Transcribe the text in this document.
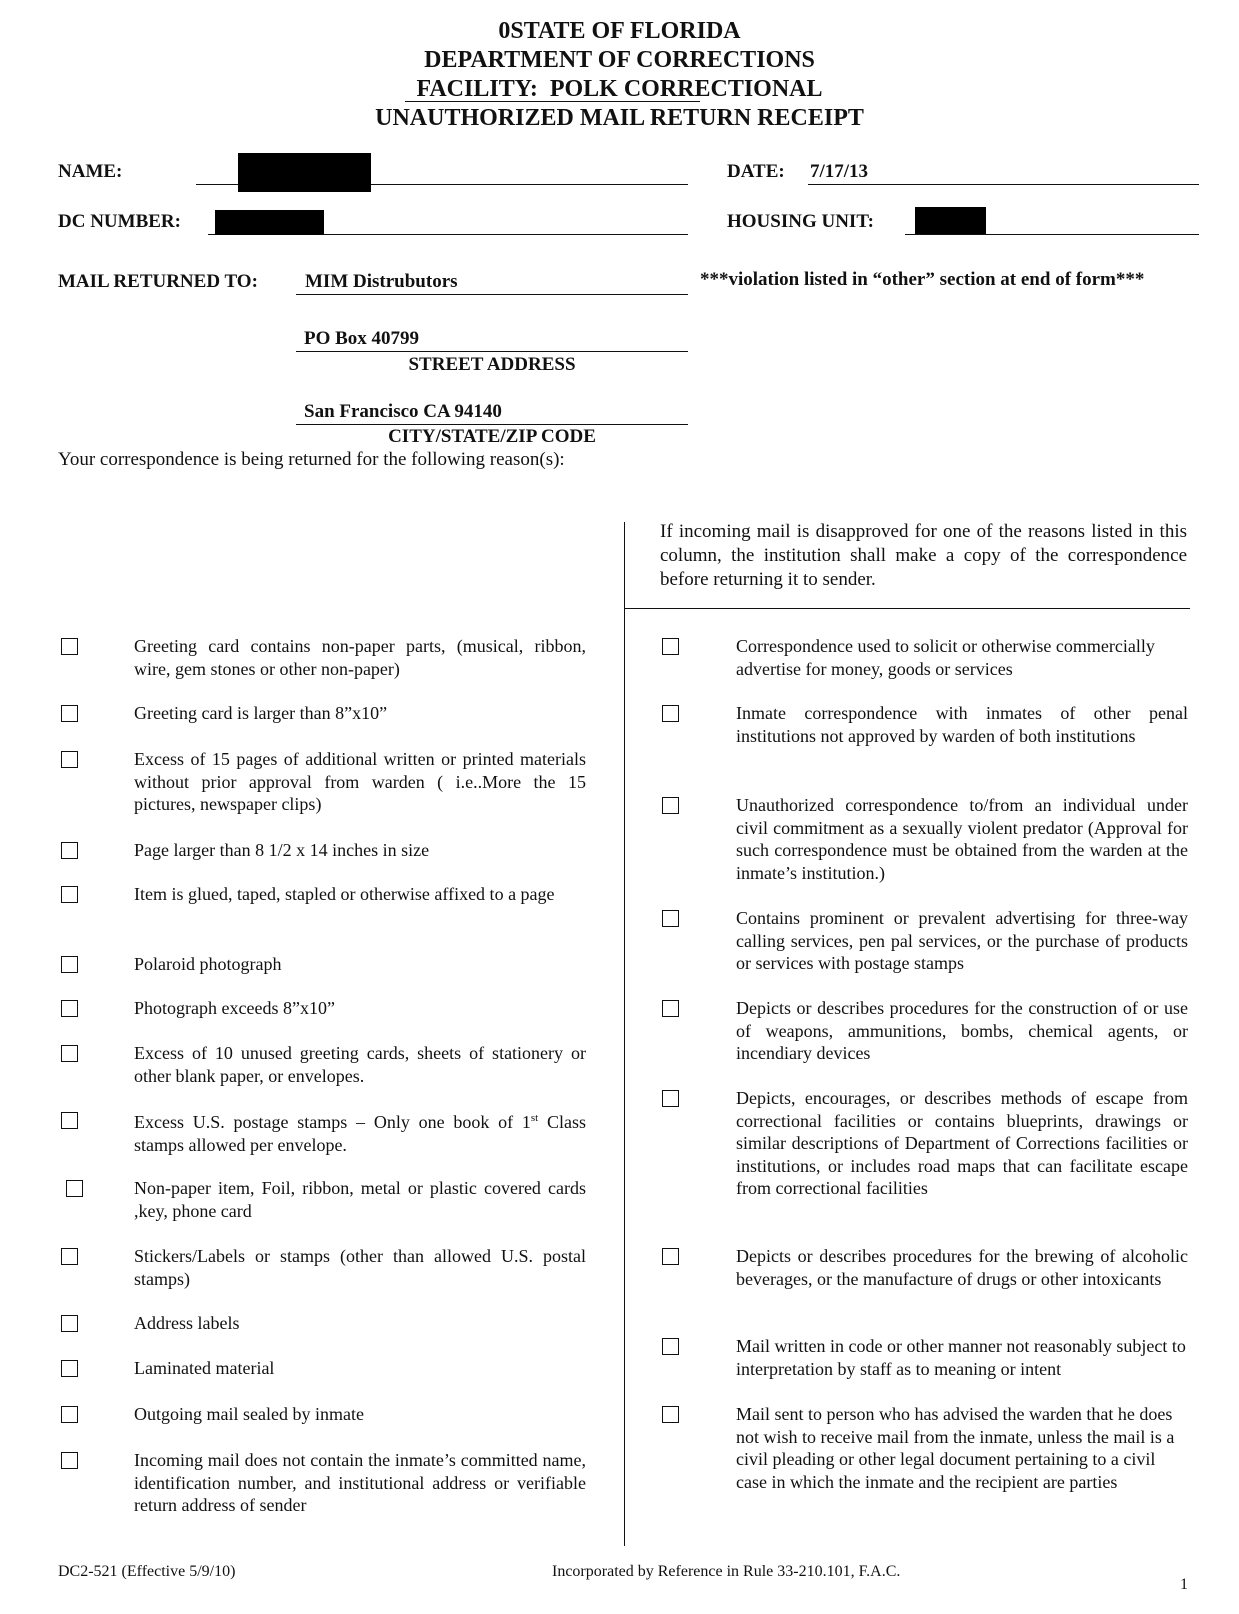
0STATE OF FLORIDA
DEPARTMENT OF CORRECTIONS
FACILITY: POLK CORRECTIONAL
UNAUTHORIZED MAIL RETURN RECEIPT
NAME:	DATE: 7/17/13
DC NUMBER:	HOUSING UNIT:
MAIL RETURNED TO: MIM Distrubutors	***violation listed in “other” section at end of form***
PO Box 40799
STREET ADDRESS
San Francisco CA 94140
CITY/STATE/ZIP CODE
Your correspondence is being returned for the following reason(s):
If incoming mail is disapproved for one of the reasons listed in this column, the institution shall make a copy of the correspondence before returning it to sender.
Greeting card contains non-paper parts, (musical, ribbon, wire, gem stones or other non-paper)
Greeting card is larger than 8”x10”
Excess of 15 pages of additional written or printed materials without prior approval from warden ( i.e..More the 15 pictures, newspaper clips)
Page larger than 8 1/2 x 14 inches in size
Item is glued, taped, stapled or otherwise affixed to a page
Polaroid photograph
Photograph exceeds 8”x10”
Excess of 10 unused greeting cards, sheets of stationery or other blank paper, or envelopes.
Excess U.S. postage stamps – Only one book of 1st Class stamps allowed per envelope.
Non-paper item, Foil, ribbon, metal or plastic covered cards ,key, phone card
Stickers/Labels or stamps (other than allowed U.S. postal stamps)
Address labels
Laminated material
Outgoing mail sealed by inmate
Incoming mail does not contain the inmate’s committed name, identification number, and institutional address or verifiable return address of sender
Correspondence used to solicit or otherwise commercially advertise for money, goods or services
Inmate correspondence with inmates of other penal institutions not approved by warden of both institutions
Unauthorized correspondence to/from an individual under civil commitment as a sexually violent predator (Approval for such correspondence must be obtained from the warden at the inmate’s institution.)
Contains prominent or prevalent advertising for three-way calling services, pen pal services, or the purchase of products or services with postage stamps
Depicts or describes procedures for the construction of or use of weapons, ammunitions, bombs, chemical agents, or incendiary devices
Depicts, encourages, or describes methods of escape from correctional facilities or contains blueprints, drawings or similar descriptions of Department of Corrections facilities or institutions, or includes road maps that can facilitate escape from correctional facilities
Depicts or describes procedures for the brewing of alcoholic beverages, or the manufacture of drugs or other intoxicants
Mail written in code or other manner not reasonably subject to interpretation by staff as to meaning or intent
Mail sent to person who has advised the warden that he does not wish to receive mail from the inmate, unless the mail is a civil pleading or other legal document pertaining to a civil case in which the inmate and the recipient are parties
DC2-521 (Effective 5/9/10)	Incorporated by Reference in Rule 33-210.101, F.A.C.
1
